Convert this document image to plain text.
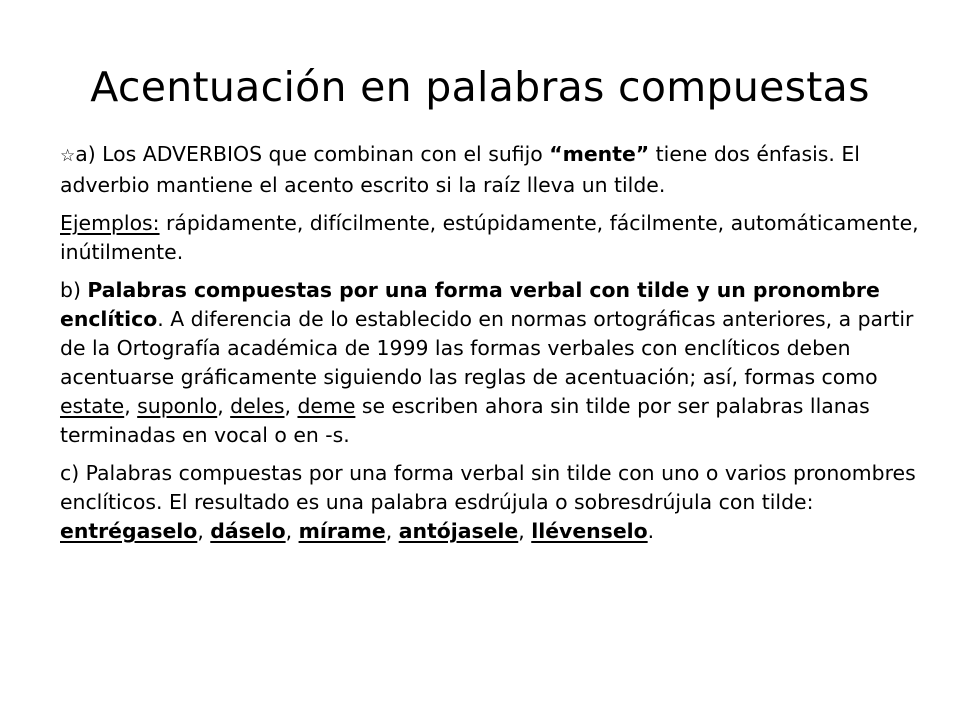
Acentuación en palabras compuestas

☆a) Los ADVERBIOS que combinan con el sufijo “mente” tiene dos énfasis. El adverbio mantiene el acento escrito si la raíz lleva un tilde.

Ejemplos: rápidamente, difícilmente, estúpidamente, fácilmente, automáticamente, inútilmente.

b) Palabras compuestas por una forma verbal con tilde y un pronombre enclítico. A diferencia de lo establecido en normas ortográficas anteriores, a partir de la Ortografía académica de 1999 las formas verbales con enclíticos deben acentuarse gráficamente siguiendo las reglas de acentuación; así, formas como estate, suponlo, deles, deme se escriben ahora sin tilde por ser palabras llanas terminadas en vocal o en -s.

c) Palabras compuestas por una forma verbal sin tilde con uno o varios pronombres enclíticos. El resultado es una palabra esdrújula o sobresdrújula con tilde: entrégaselo, dáselo, mírame, antójasele, llévenselo.
